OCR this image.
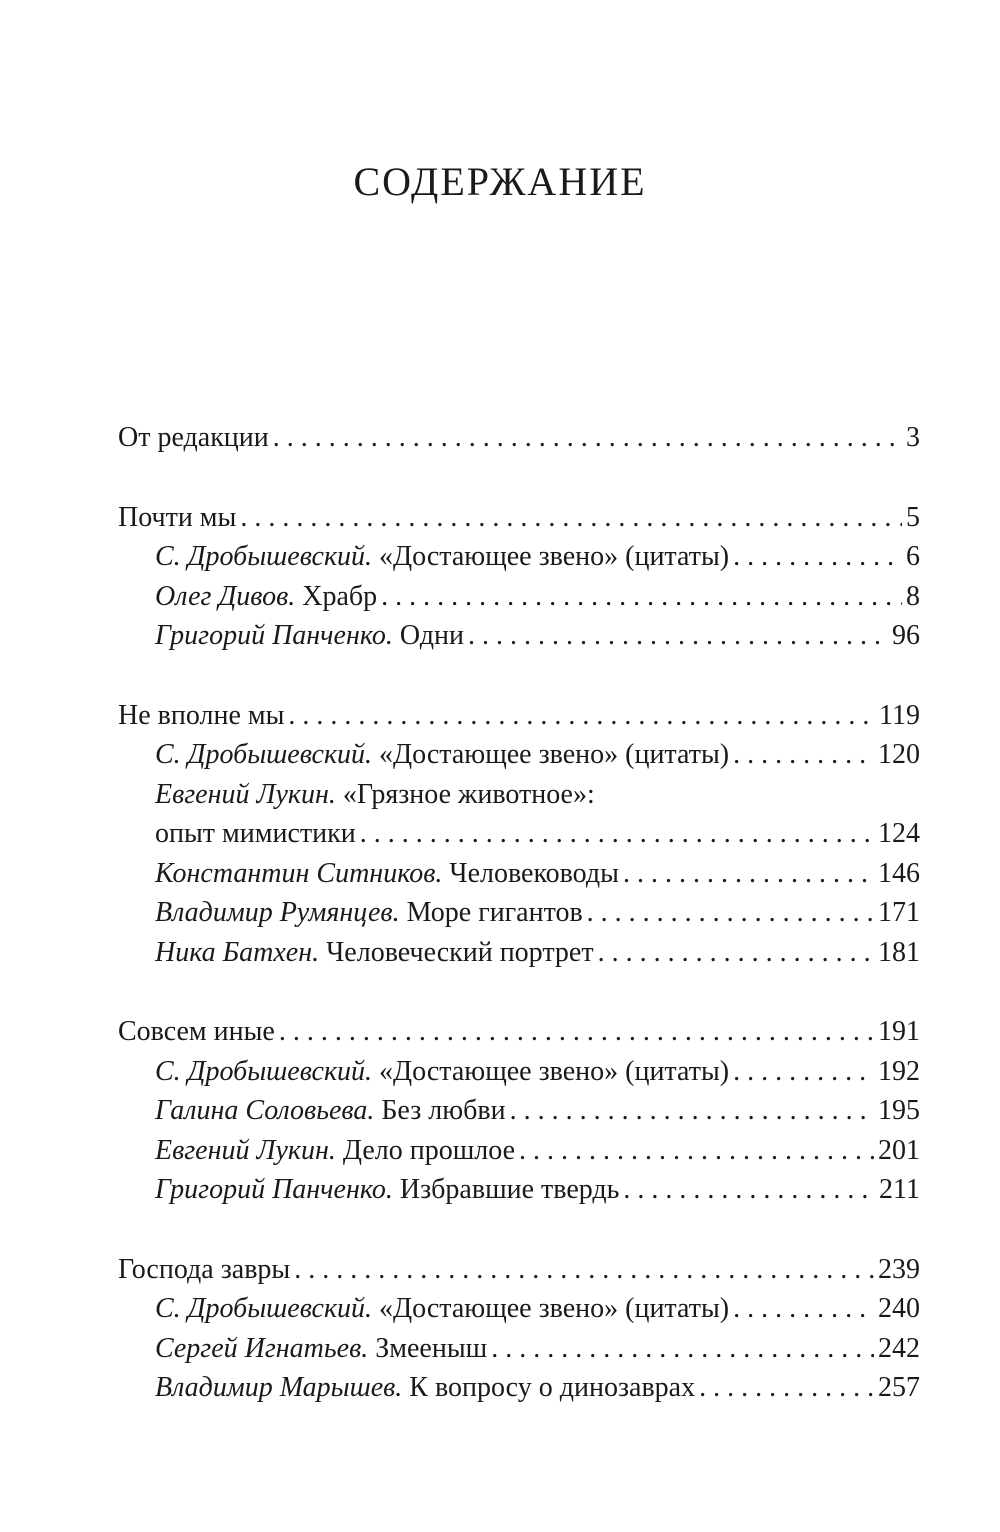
СОДЕРЖАНИЕ
От редакции . . .	3
Почти мы . . .	5
С. Дробышевский.
«Достающее звено» (цитаты) . . .	6
Олег Дивов.
Храбр . . .	8
Григорий Панченко.
Одни . . .	96
Не вполне мы . . .	119
С. Дробышевский.
«Достающее звено» (цитаты) . . .	120
Евгений Лукин.
«Грязное животное»:
опыт мимистики . . .	124
Константин Ситников.
Человеководы . . .	146
Владимир Румянцев.
Море гигантов . . .	171
Ника Батхен.
Человеческий портрет . . .	181
Совсем иные . . .	191
С. Дробышевский.
«Достающее звено» (цитаты) . . .	192
Галина Соловьева.
Без любви . . .	195
Евгений Лукин.
Дело прошлое . . .	201
Григорий Панченко.
Избравшие твердь . . .	211
Господа завры . . .	239
С. Дробышевский.
«Достающее звено» (цитаты) . . .	240
Сергей Игнатьев.
Змееныш . . .	242
Владимир Марышев.
К вопросу о динозаврах . . .	257
